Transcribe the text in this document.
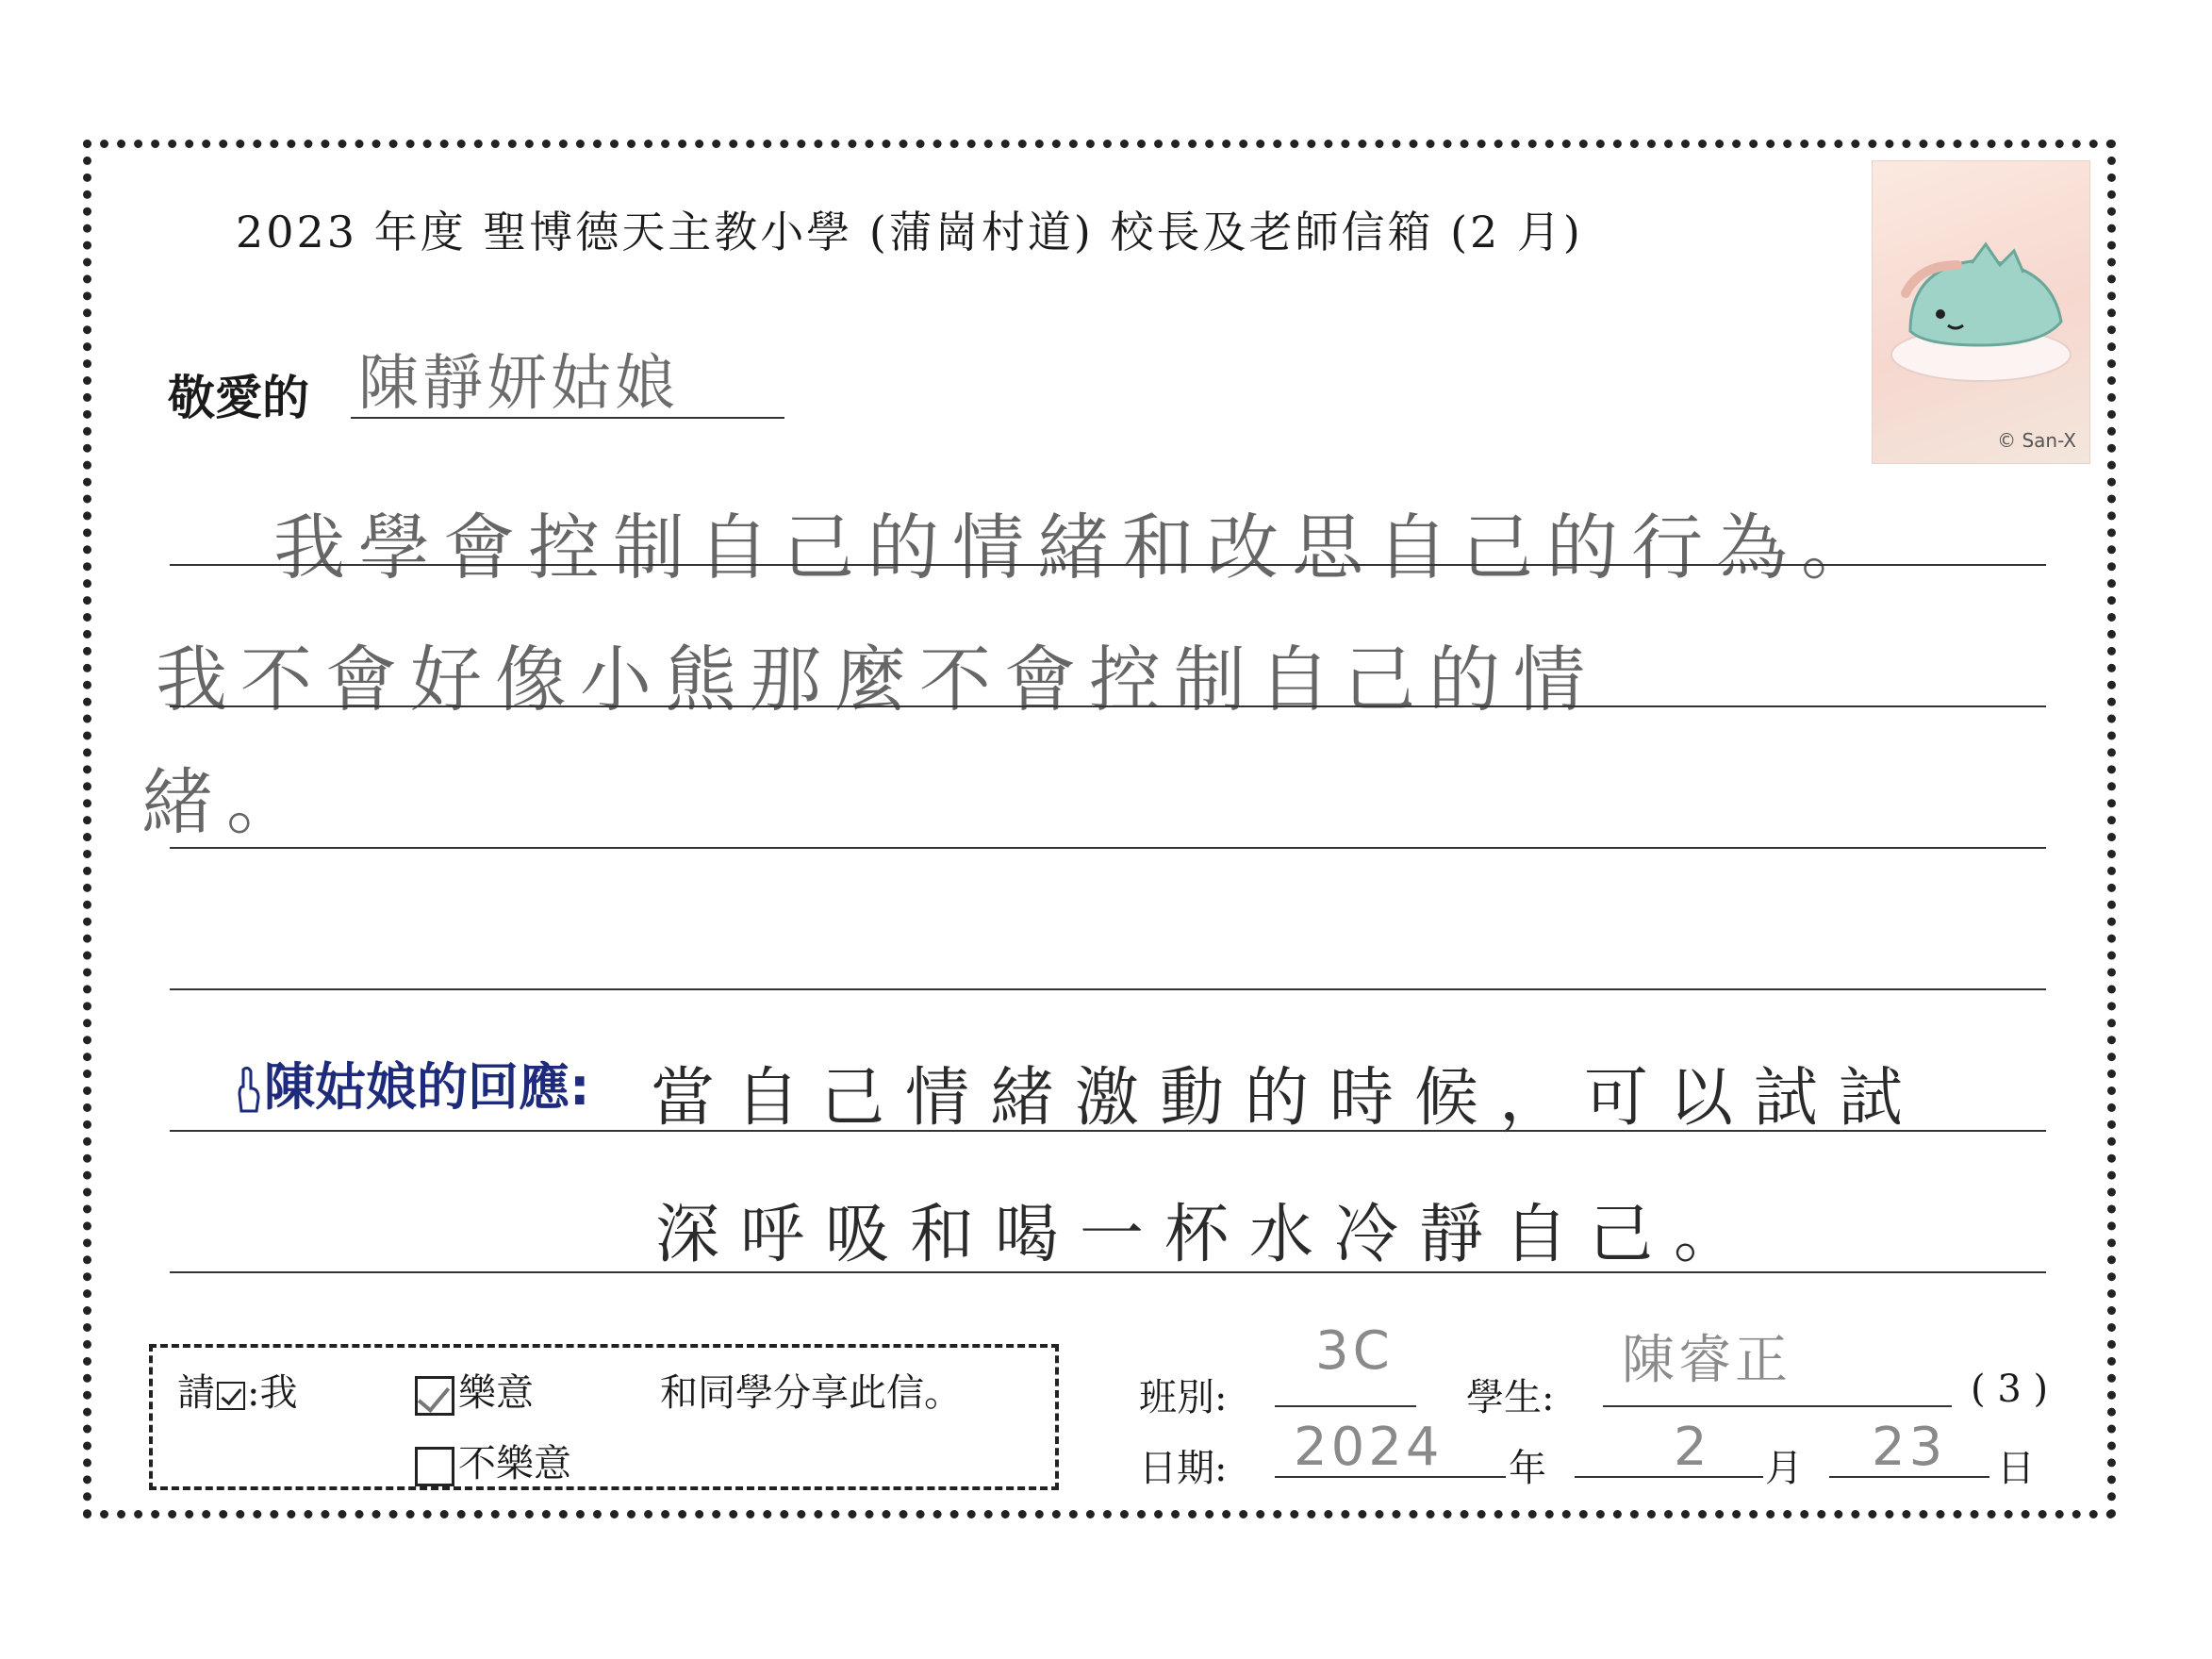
2023 年度 聖博德天主教小學 (蒲崗村道) 校長及老師信箱 (2 月)
© San-X
敬愛的 陳靜妍姑娘
我學會控制自己的情緒和改思自己的行為。
我不會好像小熊那麼不會控制自己的情
緒。
陳姑娘的回應: 當自己情緒激動的時候，可以試試
深呼吸和喝一杯水冷靜自己。
請 :我	樂意	和同學分享此信。
不樂意
班別:
3C
學生:
陳睿正	( 3 )
日期: 2024 年 2 月 23 日
